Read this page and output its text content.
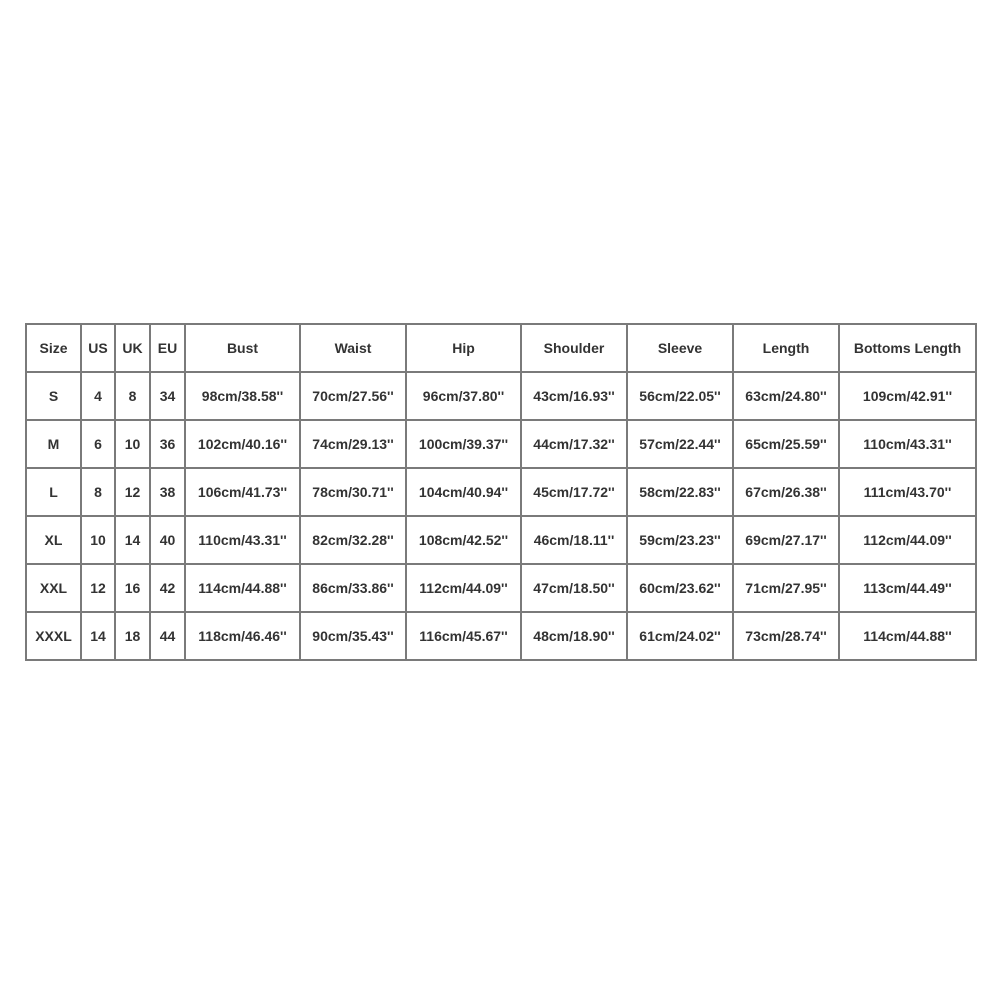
Size	US	UK	EU	Bust	Waist	Hip	Shoulder	Sleeve	Length	Bottoms Length
S	4	8	34	98cm/38.58''	70cm/27.56''	96cm/37.80''	43cm/16.93''	56cm/22.05''	63cm/24.80''	109cm/42.91''
M	6	10	36	102cm/40.16''	74cm/29.13''	100cm/39.37''	44cm/17.32''	57cm/22.44''	65cm/25.59''	110cm/43.31''
L	8	12	38	106cm/41.73''	78cm/30.71''	104cm/40.94''	45cm/17.72''	58cm/22.83''	67cm/26.38''	111cm/43.70''
XL	10	14	40	110cm/43.31''	82cm/32.28''	108cm/42.52''	46cm/18.11''	59cm/23.23''	69cm/27.17''	112cm/44.09''
XXL	12	16	42	114cm/44.88''	86cm/33.86''	112cm/44.09''	47cm/18.50''	60cm/23.62''	71cm/27.95''	113cm/44.49''
XXXL	14	18	44	118cm/46.46''	90cm/35.43''	116cm/45.67''	48cm/18.90''	61cm/24.02''	73cm/28.74''	114cm/44.88''
